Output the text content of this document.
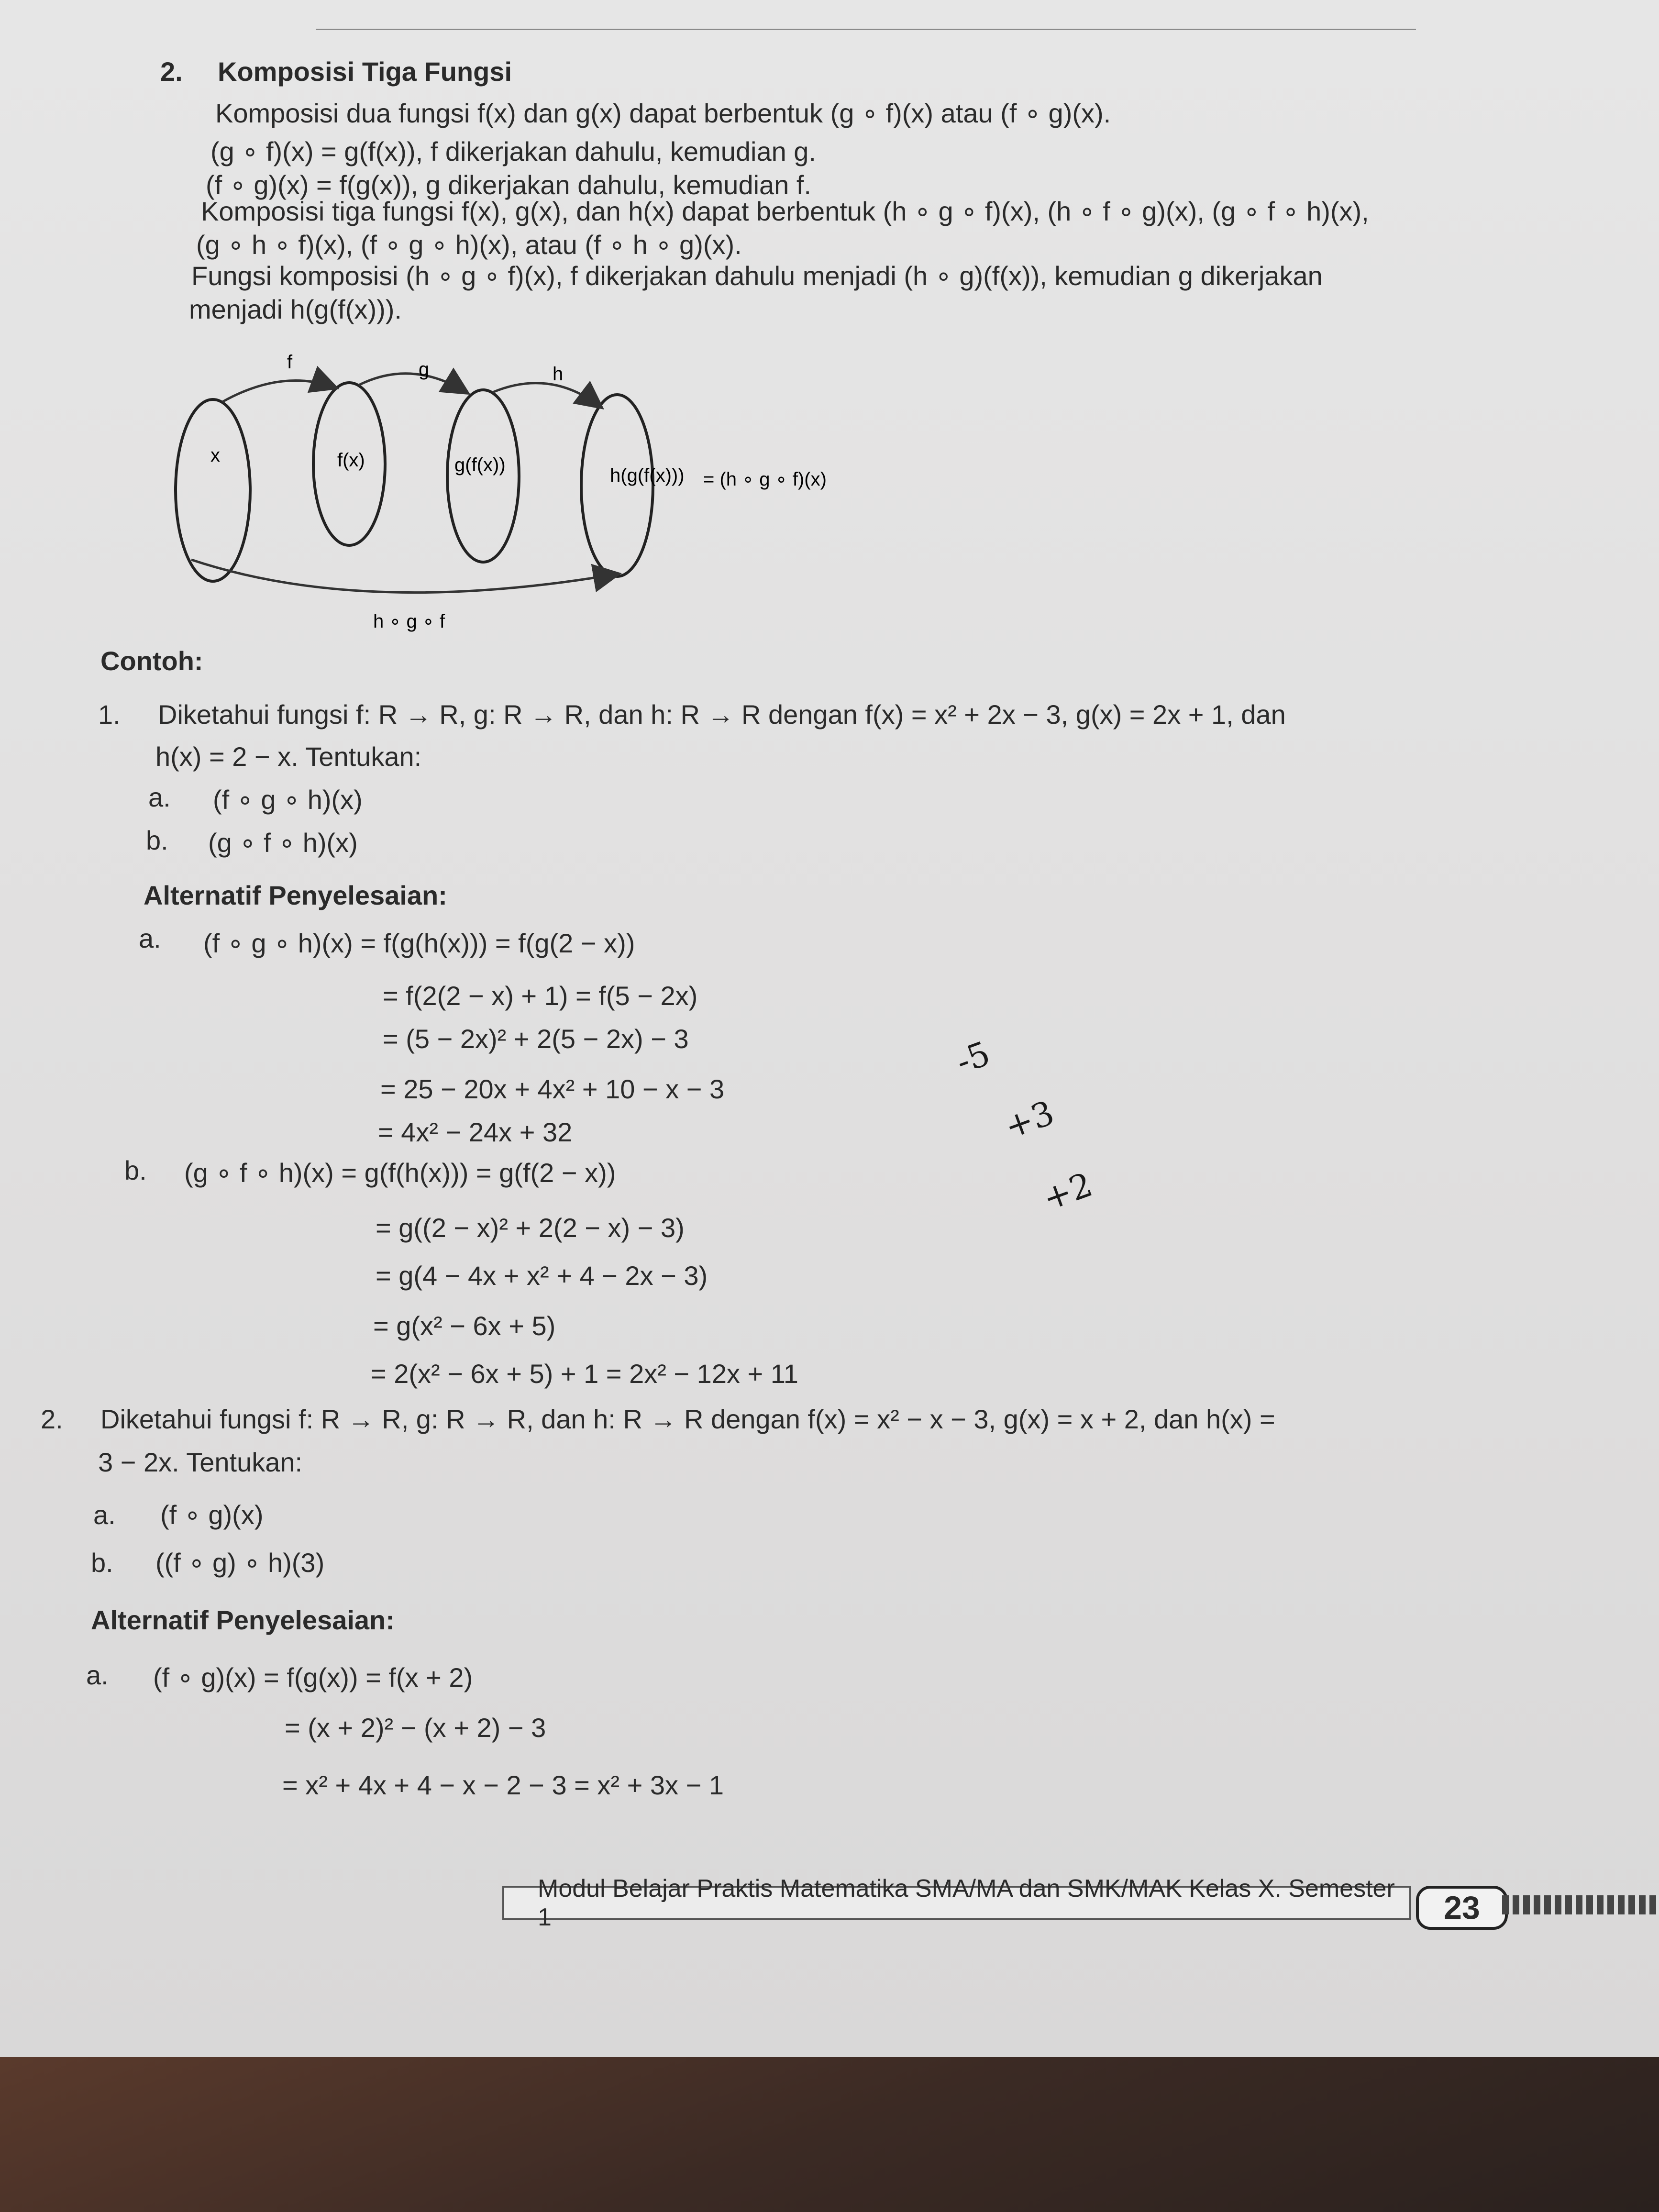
2. Komposisi Tiga Fungsi
Komposisi dua fungsi f(x) dan g(x) dapat berbentuk (g ∘ f)(x) atau (f ∘ g)(x).
(g ∘ f)(x) = g(f(x)), f dikerjakan dahulu, kemudian g.
(f ∘ g)(x) = f(g(x)), g dikerjakan dahulu, kemudian f.
Komposisi tiga fungsi f(x), g(x), dan h(x) dapat berbentuk (h ∘ g ∘ f)(x), (h ∘ f ∘ g)(x), (g ∘ f ∘ h)(x),
(g ∘ h ∘ f)(x), (f ∘ g ∘ h)(x), atau (f ∘ h ∘ g)(x).
Fungsi komposisi (h ∘ g ∘ f)(x), f dikerjakan dahulu menjadi (h ∘ g)(f(x)), kemudian g dikerjakan
menjadi h(g(f(x))).
f	g	h
x	f(x)	g(f(x))	h(g(f(x))) = (h ∘ g ∘ f)(x)
h ∘ g ∘ f
Contoh:
1. Diketahui fungsi f: R → R, g: R → R, dan h: R → R dengan f(x) = x² + 2x − 3, g(x) = 2x + 1, dan
h(x) = 2 − x. Tentukan:
a. (f ∘ g ∘ h)(x)
b. (g ∘ f ∘ h)(x)
Alternatif Penyelesaian:
a. (f ∘ g ∘ h)(x) = f(g(h(x))) = f(g(2 − x))
= f(2(2 − x) + 1) = f(5 − 2x)
= (5 − 2x)² + 2(5 − 2x) − 3
= 25 − 20x + 4x² + 10 − x − 3
= 4x² − 24x + 32
b. (g ∘ f ∘ h)(x) = g(f(h(x))) = g(f(2 − x))
= g((2 − x)² + 2(2 − x) − 3)
= g(4 − 4x + x² + 4 − 2x − 3)
= g(x² − 6x + 5)
= 2(x² − 6x + 5) + 1 = 2x² − 12x + 11
-5
+3
+2
2. Diketahui fungsi f: R → R, g: R → R, dan h: R → R dengan f(x) = x² − x − 3, g(x) = x + 2, dan h(x) =
3 − 2x. Tentukan:
a. (f ∘ g)(x)
b. ((f ∘ g) ∘ h)(3)
Alternatif Penyelesaian:
a. (f ∘ g)(x) = f(g(x)) = f(x + 2)
= (x + 2)² − (x + 2) − 3
= x² + 4x + 4 − x − 2 − 3 = x² + 3x − 1
Modul Belajar Praktis Matematika SMA/MA dan SMK/MAK Kelas X. Semester 1	23
